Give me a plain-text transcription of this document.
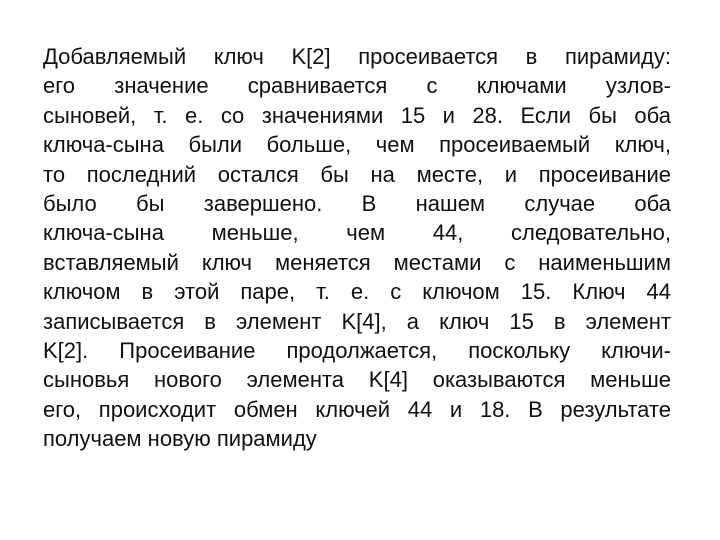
Добавляемый ключ K[2] просеивается в пирамиду:
его значение сравнивается с ключами узлов-
сыновей, т. е. со значениями 15 и 28. Если бы оба
ключа-сына были больше, чем просеиваемый ключ,
то последний остался бы на месте, и просеивание
было бы завершено. В нашем случае оба
ключа-сына меньше, чем 44, следовательно,
вставляемый ключ меняется местами с наименьшим
ключом в этой паре, т. е. с ключом 15. Ключ 44
записывается в элемент K[4], а ключ 15 в элемент
K[2]. Просеивание продолжается, поскольку ключи-
сыновья нового элемента K[4] оказываются меньше
его, происходит обмен ключей 44 и 18. В результате
получаем новую пирамиду
